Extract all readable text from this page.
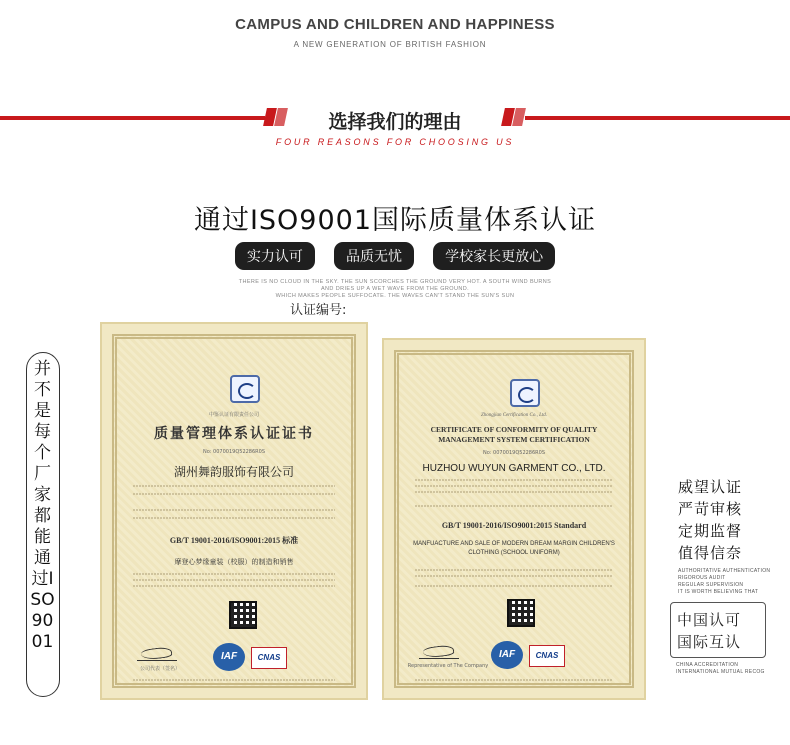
CAMPUS AND CHILDREN AND HAPPINESS
A NEW GENERATION OF BRITISH FASHION
选择我们的理由
FOUR REASONS FOR CHOOSING US
通过ISO9001国际质量体系认证
实力认可	品质无忧	学校家长更放心
THERE IS NO CLOUD IN THE SKY. THE SUN SCORCHES THE GROUND VERY HOT. A SOUTH WIND BURNS
AND DRIES UP A WET WAVE FROM THE GROUND.
WHICH MAKES PEOPLE SUFFOCATE. THE WAVES CAN'T STAND THE SUN'S SUN
认证编号:
并不是每个厂家都能通过ISO9001
中鉴认证有限责任公司
质量管理体系认证证书
No: 0070019Q52286R0S
湖州舞韵服饰有限公司
GB/T 19001-2016/ISO9001:2015 标准
摩登心梦缘童装（校服）的制造和销售
公司代表（签名）
IAF	CNAS
Zhongjian Certification Co., Ltd.
CERTIFICATE OF CONFORMITY OF QUALITY
MANAGEMENT SYSTEM CERTIFICATION
No: 0070019Q52286R0S
HUZHOU WUYUN GARMENT CO., LTD.
GB/T 19001-2016/ISO9001:2015 Standard
MANFUACTURE AND SALE OF MODERN DREAM MARGIN CHILDREN'S
CLOTHING (SCHOOL UNIFORM)
Representative of The Company
IAF	CNAS
威望认证
严苛审核
定期监督
值得信奈
AUTHORITATIVE AUTHENTICATION
RIGOROUS AUDIT
REGULAR SUPERVISION
IT IS WORTH BELIEVING THAT
中国认可
国际互认
CHINA ACCREDITATION INTERNATIONAL MUTUAL RECOG
